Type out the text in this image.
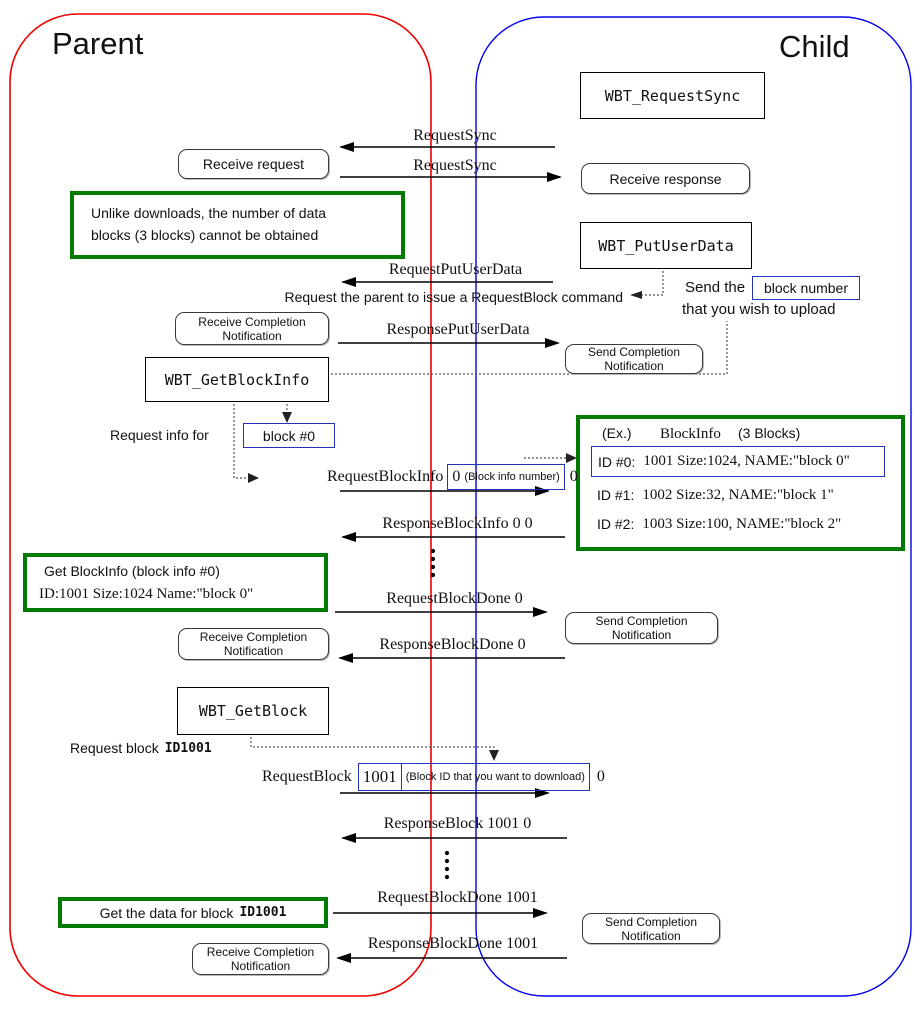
Parent	Child
WBT_RequestSync
WBT_PutUserData
WBT_GetBlockInfo
WBT_GetBlock
Receive request
Receive response
Receive Completion
Notification
Send Completion
Notification
Receive Completion
Notification
Send Completion
Notification
Receive Completion
Notification
Send Completion
Notification
Unlike downloads, the number of data
blocks (3 blocks) cannot be obtained
(Ex.) BlockInfo (3 Blocks)
ID #0: 1001 Size:1024, NAME:"block 0"
ID #1: 1002 Size:32, NAME:"block 1"
ID #2: 1003 Size:100, NAME:"block 2"
Get BlockInfo (block info #0)
ID:1001 Size:1024 Name:"block 0"
Get the data for block ID1001
RequestSync
RequestSync
RequestPutUserData
ResponsePutUserData
ResponseBlockInfo 0 0
RequestBlockDone 0
ResponseBlockDone 0
ResponseBlock 1001 0
RequestBlockDone 1001
ResponseBlockDone 1001
RequestBlockInfo 0 (Block info number) 0
RequestBlock 1001 (Block ID that you want to download) 0
Request the parent to issue a RequestBlock command
Send the	block number
that you wish to upload
Request info for	block #0
Request block ID1001
